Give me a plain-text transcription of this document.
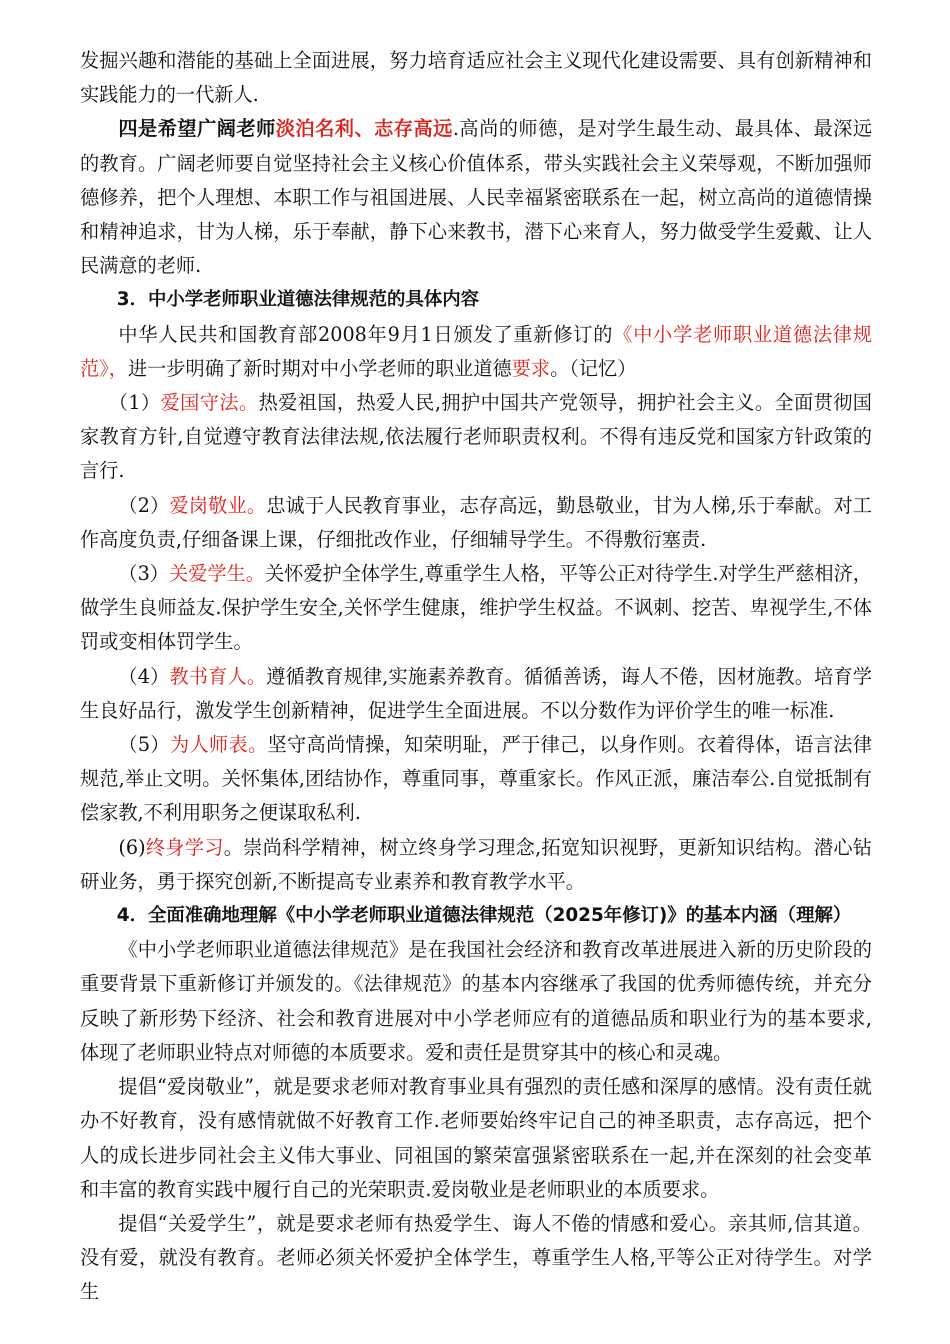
发掘兴趣和潜能的基础上全面进展，努力培育适应社会主义现代化建设需要、具有创新精神和实践能力的一代新人.

四是希望广阔老师淡泊名利、志存高远.高尚的师德，是对学生最生动、最具体、最深远的教育。广阔老师要自觉坚持社会主义核心价值体系，带头实践社会主义荣辱观，不断加强师德修养，把个人理想、本职工作与祖国进展、人民幸福紧密联系在一起，树立高尚的道德情操和精神追求，甘为人梯，乐于奉献，静下心来教书，潜下心来育人，努力做受学生爱戴、让人民满意的老师.

3．中小学老师职业道德法律规范的具体内容

中华人民共和国教育部2008年9月1日颁发了重新修订的《中小学老师职业道德法律规范》，进一步明确了新时期对中小学老师的职业道德要求。（记忆）

（1）爱国守法。热爱祖国，热爱人民,拥护中国共产党领导，拥护社会主义。全面贯彻国家教育方针,自觉遵守教育法律法规,依法履行老师职责权利。不得有违反党和国家方针政策的言行.

（2）爱岗敬业。忠诚于人民教育事业，志存高远，勤恳敬业，甘为人梯,乐于奉献。对工作高度负责,仔细备课上课，仔细批改作业，仔细辅导学生。不得敷衍塞责.

（3）关爱学生。关怀爱护全体学生,尊重学生人格，平等公正对待学生.对学生严慈相济，做学生良师益友.保护学生安全,关怀学生健康，维护学生权益。不讽刺、挖苦、卑视学生,不体罚或变相体罚学生。

（4）教书育人。遵循教育规律,实施素养教育。循循善诱，诲人不倦，因材施教。培育学生良好品行，激发学生创新精神，促进学生全面进展。不以分数作为评价学生的唯一标准.

（5）为人师表。坚守高尚情操，知荣明耻，严于律己，以身作则。衣着得体，语言法律规范,举止文明。关怀集体,团结协作，尊重同事，尊重家长。作风正派，廉洁奉公.自觉抵制有偿家教,不利用职务之便谋取私利.

(6)终身学习。崇尚科学精神，树立终身学习理念,拓宽知识视野，更新知识结构。潜心钻研业务，勇于探究创新,不断提高专业素养和教育教学水平。

4．全面准确地理解《中小学老师职业道德法律规范（2025年修订)》的基本内涵（理解）

《中小学老师职业道德法律规范》是在我国社会经济和教育改革进展进入新的历史阶段的重要背景下重新修订并颁发的。《法律规范》的基本内容继承了我国的优秀师德传统，并充分反映了新形势下经济、社会和教育进展对中小学老师应有的道德品质和职业行为的基本要求,体现了老师职业特点对师德的本质要求。爱和责任是贯穿其中的核心和灵魂。

提倡“爱岗敬业”，就是要求老师对教育事业具有强烈的责任感和深厚的感情。没有责任就办不好教育，没有感情就做不好教育工作.老师要始终牢记自己的神圣职责，志存高远，把个人的成长进步同社会主义伟大事业、同祖国的繁荣富强紧密联系在一起,并在深刻的社会变革和丰富的教育实践中履行自己的光荣职责.爱岗敬业是老师职业的本质要求。

提倡“关爱学生”，就是要求老师有热爱学生、诲人不倦的情感和爱心。亲其师,信其道。没有爱，就没有教育。老师必须关怀爱护全体学生，尊重学生人格,平等公正对待学生。对学生
